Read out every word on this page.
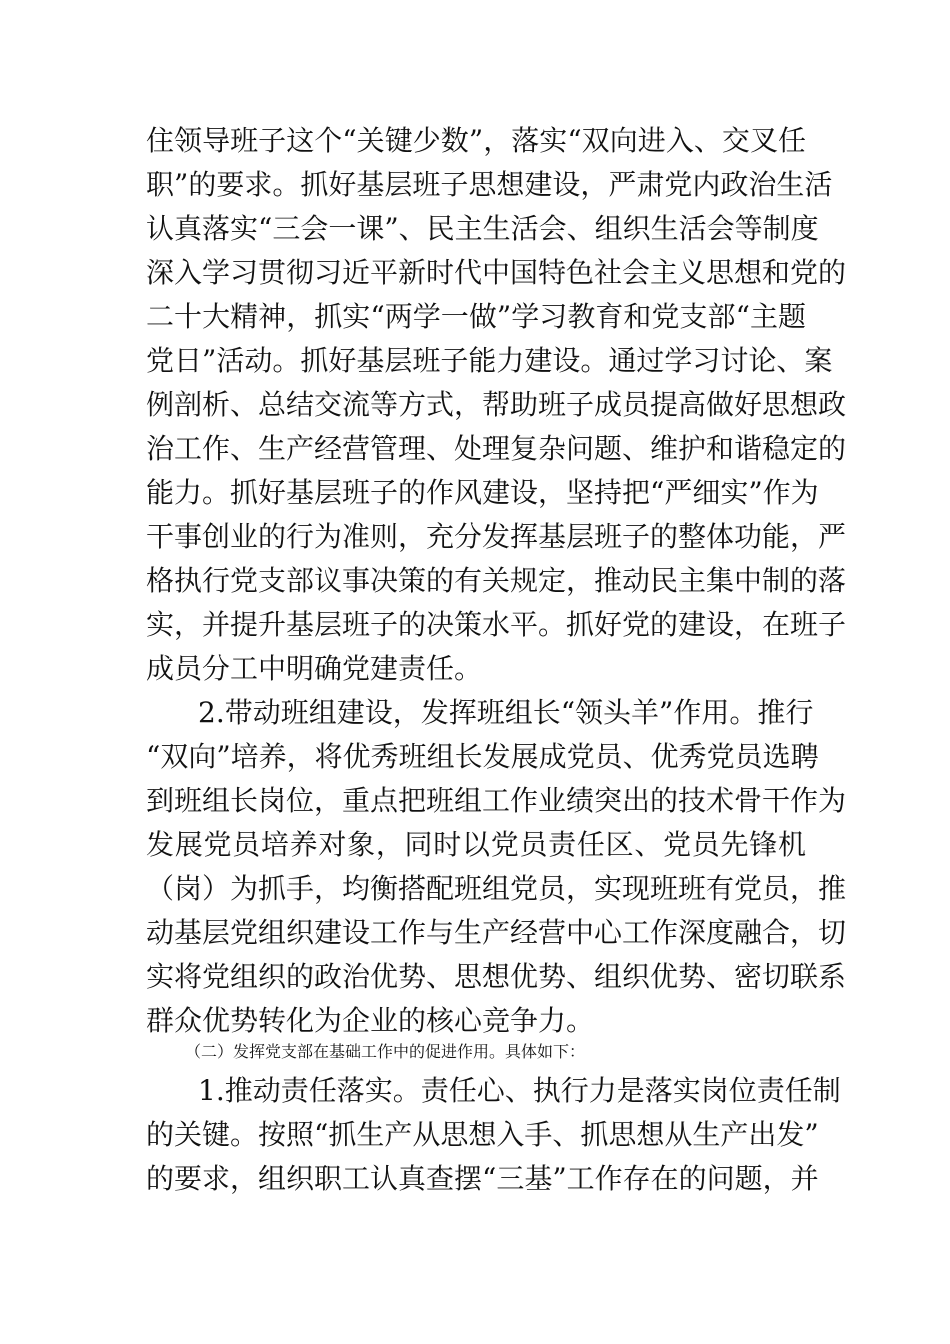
住领导班子这个“关键少数”，落实“双向进入、交叉任
职”的要求。抓好基层班子思想建设，严肃党内政治生活
认真落实“三会一课”、民主生活会、组织生活会等制度
深入学习贯彻习近平新时代中国特色社会主义思想和党的
二十大精神，抓实“两学一做”学习教育和党支部“主题
党日”活动。抓好基层班子能力建设。通过学习讨论、案
例剖析、总结交流等方式，帮助班子成员提高做好思想政
治工作、生产经营管理、处理复杂问题、维护和谐稳定的
能力。抓好基层班子的作风建设，坚持把“严细实”作为
干事创业的行为准则，充分发挥基层班子的整体功能，严
格执行党支部议事决策的有关规定，推动民主集中制的落
实，并提升基层班子的决策水平。抓好党的建设，在班子
成员分工中明确党建责任。
2.带动班组建设，发挥班组长“领头羊”作用。推行
“双向”培养，将优秀班组长发展成党员、优秀党员选聘
到班组长岗位，重点把班组工作业绩突出的技术骨干作为
发展党员培养对象，同时以党员责任区、党员先锋机
（岗）为抓手，均衡搭配班组党员，实现班班有党员，推
动基层党组织建设工作与生产经营中心工作深度融合，切
实将党组织的政治优势、思想优势、组织优势、密切联系
群众优势转化为企业的核心竞争力。
（二）发挥党支部在基础工作中的促进作用。具体如下：
1.推动责任落实。责任心、执行力是落实岗位责任制
的关键。按照“抓生产从思想入手、抓思想从生产出发”
的要求，组织职工认真查摆“三基”工作存在的问题，并
